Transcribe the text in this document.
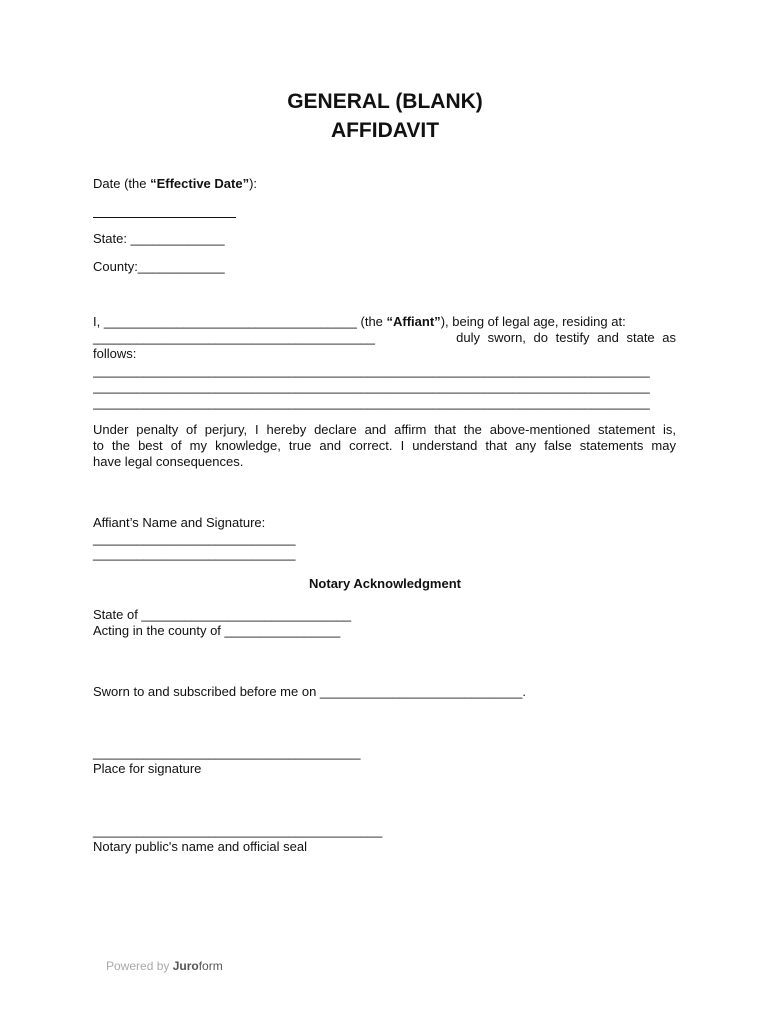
GENERAL (BLANK)
AFFIDAVIT
Date (the “Effective Date”):
State: _____________
County:____________
I, ___________________________________ (the “Affiant”), being of legal age, residing at:
_______________________________________	duly sworn, do testify and state as
follows:
_____________________________________________________________________________
_____________________________________________________________________________
_____________________________________________________________________________
Under penalty of perjury, I hereby declare and affirm that the above-mentioned statement is,
to the best of my knowledge, true and correct. I understand that any false statements may
have legal consequences.
Affiant’s Name and Signature:
____________________________
____________________________
Notary Acknowledgment
State of _____________________________
Acting in the county of ________________
Sworn to and subscribed before me on ____________________________.
_____________________________________
Place for signature
________________________________________
Notary public's name and official seal
Powered by Juroform
